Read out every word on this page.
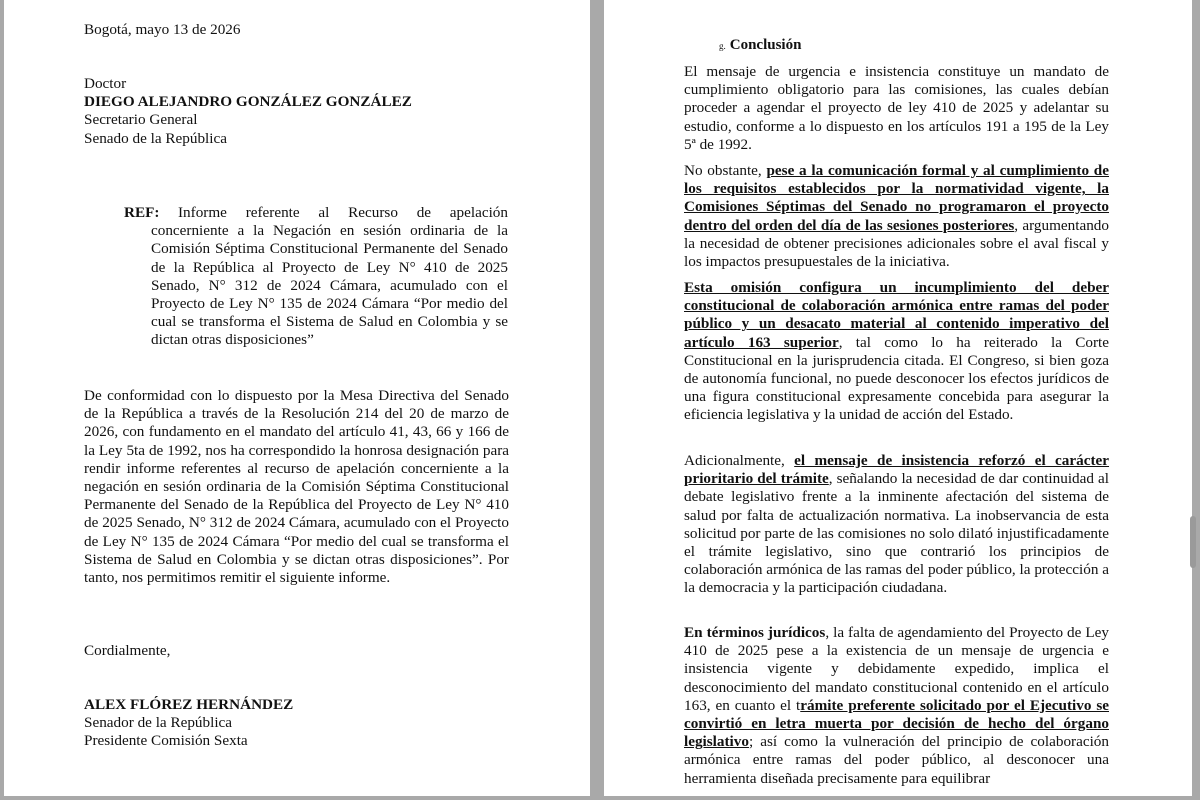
Bogotá, mayo 13 de 2026

Doctor
DIEGO ALEJANDRO GONZÁLEZ GONZÁLEZ
Secretario General
Senado de la República
REF:	Informe referente al Recurso de apelación concerniente a la Negación en sesión ordinaria de la Comisión Séptima Constitucional Permanente del Senado de la República al Proyecto de Ley N° 410 de 2025 Senado, N° 312 de 2024 Cámara, acumulado con el Proyecto de Ley N° 135 de 2024 Cámara “Por medio del cual se transforma el Sistema de Salud en Colombia y se dictan otras disposiciones”

De conformidad con lo dispuesto por la Mesa Directiva del Senado de la República a través de la Resolución 214 del 20 de marzo de 2026, con fundamento en el mandato del artículo 41, 43, 66 y 166 de la Ley 5ta de 1992, nos ha correspondido la honrosa designación para rendir informe referentes al recurso de apelación concerniente a la negación en sesión ordinaria de la Comisión Séptima Constitucional Permanente del Senado de la República del Proyecto de Ley N° 410 de 2025 Senado, N° 312 de 2024 Cámara, acumulado con el Proyecto de Ley N° 135 de 2024 Cámara “Por medio del cual se transforma el Sistema de Salud en Colombia y se dictan otras disposiciones”. Por tanto, nos permitimos remitir el siguiente informe.

Cordialmente,

ALEX FLÓREZ HERNÁNDEZ
Senador de la República
Presidente Comisión Sexta
g. Conclusión

El mensaje de urgencia e insistencia constituye un mandato de cumplimiento obligatorio para las comisiones, las cuales debían proceder a agendar el proyecto de ley 410 de 2025 y adelantar su estudio, conforme a lo dispuesto en los artículos 191 a 195 de la Ley 5ª de 1992.

No obstante, pese a la comunicación formal y al cumplimiento de los requisitos establecidos por la normatividad vigente, la Comisiones Séptimas del Senado no programaron el proyecto dentro del orden del día de las sesiones posteriores, argumentando la necesidad de obtener precisiones adicionales sobre el aval fiscal y los impactos presupuestales de la iniciativa.

Esta omisión configura un incumplimiento del deber constitucional de colaboración armónica entre ramas del poder público y un desacato material al contenido imperativo del artículo 163 superior, tal como lo ha reiterado la Corte Constitucional en la jurisprudencia citada. El Congreso, si bien goza de autonomía funcional, no puede desconocer los efectos jurídicos de una figura constitucional expresamente concebida para asegurar la eficiencia legislativa y la unidad de acción del Estado.

Adicionalmente, el mensaje de insistencia reforzó el carácter prioritario del trámite, señalando la necesidad de dar continuidad al debate legislativo frente a la inminente afectación del sistema de salud por falta de actualización normativa. La inobservancia de esta solicitud por parte de las comisiones no solo dilató injustificadamente el trámite legislativo, sino que contrarió los principios de colaboración armónica de las ramas del poder público, la protección a la democracia y la participación ciudadana.

En términos jurídicos, la falta de agendamiento del Proyecto de Ley 410 de 2025 pese a la existencia de un mensaje de urgencia e insistencia vigente y debidamente expedido, implica el desconocimiento del mandato constitucional contenido en el artículo 163, en cuanto el trámite preferente solicitado por el Ejecutivo se convirtió en letra muerta por decisión de hecho del órgano legislativo; así como la vulneración del principio de colaboración armónica entre ramas del poder público, al desconocer una herramienta diseñada precisamente para equilibrar
